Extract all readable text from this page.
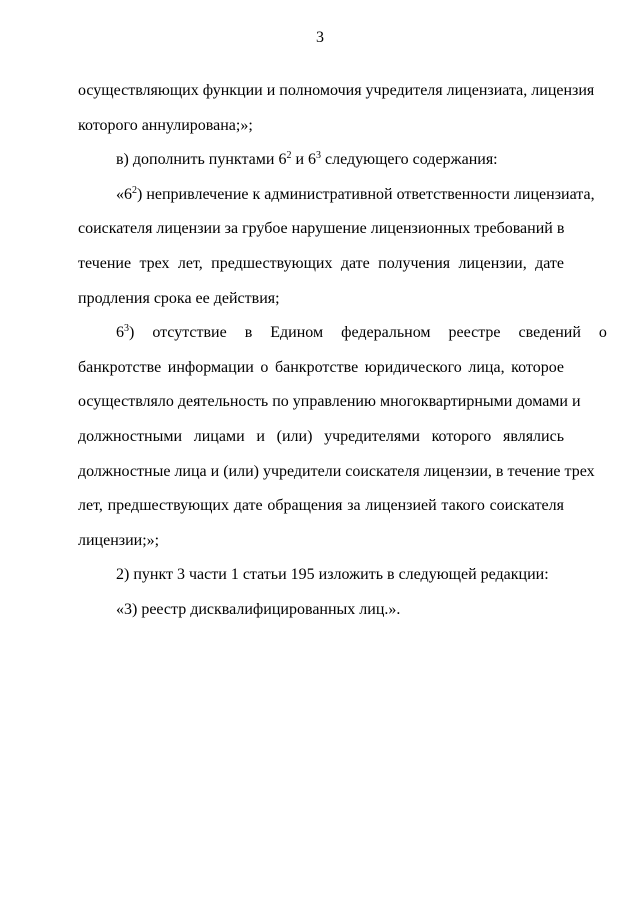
3
осуществляющих функции и полномочия учредителя лицензиата, лицензия
которого аннулирована;»;
в) дополнить пунктами $6^2$ и $6^3$ следующего содержания:
«$6^2$) непривлечение к административной ответственности лицензиата,
соискателя лицензии за грубое нарушение лицензионных требований в
течение трех лет, предшествующих дате получения лицензии, дате
продления срока ее действия;
$6^3$) отсутствие в Едином федеральном реестре сведений о
банкротстве информации о банкротстве юридического лица, которое
осуществляло деятельность по управлению многоквартирными домами и
должностными лицами и (или) учредителями которого являлись
должностные лица и (или) учредители соискателя лицензии, в течение трех
лет, предшествующих дате обращения за лицензией такого соискателя
лицензии;»;
2) пункт 3 части 1 статьи 195 изложить в следующей редакции:
«3) реестр дисквалифицированных лиц.».
